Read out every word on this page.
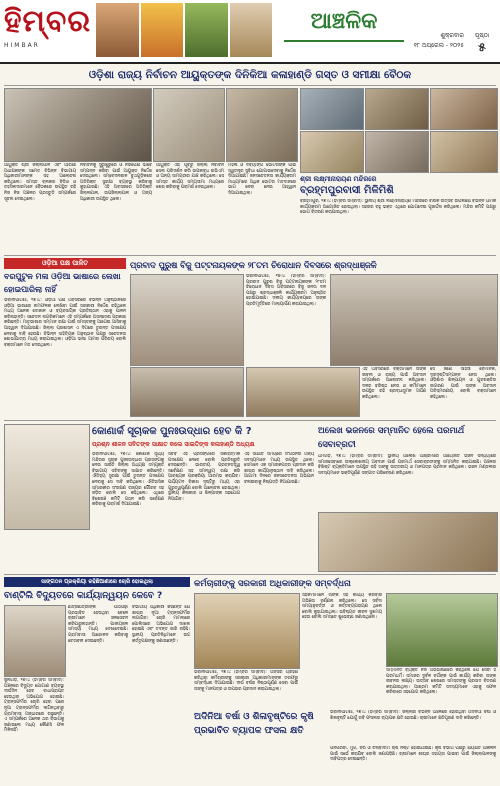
ହିମ୍ବର
HIMBAR
ଆଞ୍ଚଳିକ
ଶୁକ୍ରବାର
୧୮ ଅପ୍ରେଲ - ୨୦୨୫
ପୃଷ୍ଠା
୫
ଓଡ଼ିଶା ରାଜ୍ୟ ନିର୍ବାଚନ ଆୟୁକ୍ତଙ୍କ ଦିନିକିଆ କଳାହାଣ୍ଡି ଗସ୍ତ ଓ ସମୀକ୍ଷା ବୈଠକ
ଆୟୁକ୍ତ ଶ୍ରୀ ଜିଲ୍ଲାପାଳ ଏବଂ ଆରକ୍ଷୀ ଅଧୀକ୍ଷକଙ୍କ ସମେତ ବିଭିନ୍ନ ବିଭାଗୀୟ ଅଧିକାରୀମାନଙ୍କ ସହ ଆଲୋଚନା କରିଥିଲେ। ସମସ୍ତ ବ୍ଲକର ବିଡିଓ ଓ ତହସିଲଦାରମାନେ ବୈଠକରେ ଉପସ୍ଥିତ ରହି ନିଜ ନିଜ ଅଞ୍ଚଳର ପ୍ରସ୍ତୁତି ସମ୍ପର୍କରେ ସୂଚନା ଦେଇଥିଲେ।
ନିର୍ବାଚନକୁ ସୁରୁଖୁରୁରେ ଓ ନିରପେକ୍ଷ ଭାବେ ସମ୍ପନ୍ନ କରିବା ପାଇଁ ଆୟୁକ୍ତ ନିର୍ଦ୍ଦେଶ ଦେଇଥିଲେ। ସମ୍ବେଦନଶୀଳ ବୁଥଗୁଡ଼ିକରେ ଅତିରିକ୍ତ ସୁରକ୍ଷା ବ୍ୟବସ୍ଥା କରିବାକୁ କୁହାଯାଇଛି। ଏହି ଅବସରରେ ଅତିରିକ୍ତ ଜିଲ୍ଲାପାଳ, ଉପଜିଲ୍ଲାପାଳ ଓ ଅନ୍ୟ ଅଧିକାରୀ ଉପସ୍ଥିତ ଥିଲେ।
ଆୟୁକ୍ତ ଏହା ପୂର୍ବରୁ ଜିଲ୍ଲା ନିର୍ବାଚନ ସେଲ ପରିଦର୍ଶନ କରି ଉପଲବ୍ଧ ଇଭିଏମ ଓ ଅନ୍ୟ ସାମଗ୍ରୀର ଯାଞ୍ଚ କରିଥିଲେ। ସେ ସମସ୍ତ କାର୍ଯ୍ୟ ସମୟସୀମା ମଧ୍ୟରେ ଶେଷ କରିବାକୁ ପରାମର୍ଶ ଦେଇଥିଲେ।
ମହିଳା ଓ ଦିବ୍ୟାଙ୍ଗ ଭୋଟରଙ୍କ ପାଇଁ ସ୍ୱତନ୍ତ୍ର ସୁବିଧା ଯୋଗାଇଦେବାକୁ ନିର୍ଦ୍ଦେଶ ଦିଆଯାଇଛି। ଜନସଚେତନତା କାର୍ଯ୍ୟକ୍ରମ ମାଧ୍ୟମରେ ଅଧିକ ଭୋଟର ମତଦାନରେ ଭାଗ ନେବା ନେଇ ଆହ୍ୱାନ ଦିଆଯାଇଥିଲା।
ଶ୍ରୀ ଲକ୍ଷ୍ମୀନାରାୟଣ ମନ୍ଦିରରେ
ବ୍ରହ୍ମପୁରବାସୀ ମିଳିମିଶି
ବ୍ରହ୍ମପୁର, ୧୭।୪ (ହିମ୍ବର ସମ୍ବାଦ): ସ୍ଥାନୀୟ ଶ୍ରୀ ଲକ୍ଷ୍ମୀନାରାୟଣ ମନ୍ଦିରରେ ବାର୍ଷିକ ଉତ୍ସବ ଉପଲକ୍ଷେ ବିଭିନ୍ନ ଧାର୍ମିକ କାର୍ଯ୍ୟକ୍ରମ ଆୟୋଜିତ ହୋଇଥିଲା। ସହରର ବହୁ ଭକ୍ତ ଏଥିରେ ଯୋଗଦେଇ ପୂଜାର୍ଚ୍ଚନା କରିଥିଲେ। ମନ୍ଦିର କମିଟି ପକ୍ଷରୁ ଭୋଗ ବିତରଣ କରାଯାଇଥିଲା।
ଓଡ଼ିଆ ପକ୍ଷ ପାଳିତ
ବରପୁଟୁଳ ମଳା ଓଡ଼ିଆ ଭାଷାରେ ଲେଖା ହୋଇପାରିଲା ନାହିଁ
ଭବାନୀପାଟଣା, ୧୭।୪: ଓଡ଼ିଆ ପକ୍ଷ ଅବସରରେ ବିଭିନ୍ନ ଅନୁଷ୍ଠାନରେ ଓଡ଼ିଆ ଭାଷାରେ ନାମଫଳକ ଲେଖିବା ପାଇଁ ସରକାରୀ ନିର୍ଦ୍ଦେଶ ରହିଥିଲେ ମଧ୍ୟ ଅନେକ ଦୋକାନ ଓ ବ୍ୟବସାୟିକ ପ୍ରତିଷ୍ଠାନ ଏହାକୁ ପାଳନ କରିନାହାନ୍ତି। ସଚେତନ ନାଗରିକମାନେ ଏହି ସମ୍ପର୍କରେ ଅସନ୍ତୋଷ ପ୍ରକାଶ କରିଛନ୍ତି। ମାତୃଭାଷାର ସମ୍ମାନ ରକ୍ଷା ପାଇଁ ସମସ୍ତଙ୍କୁ ଆଗେଇ ଆସିବାକୁ ଆହ୍ୱାନ ଦିଆଯାଇଛି। ଜିଲ୍ଲା ପ୍ରଶାସନ ଏ ଦିଗରେ ତୁରନ୍ତ ପଦକ୍ଷେପ ନେବାକୁ ଦାବି ହେଉଛି। ବିଭିନ୍ନ ସାହିତ୍ୟିକ ଅନୁଷ୍ଠାନ ପକ୍ଷରୁ ସଚେତନତା ଶୋଭାଯାତ୍ରା ମଧ୍ୟ କରାଯାଇଥିଲା। ଓଡ଼ିଆ ଭାଷା ଆମର ପରିଚୟ ବୋଲି ବକ୍ତାମାନେ ମତ ଦେଇଥିଲେ।
ପ୍ରବାଦ ପୁରୁଷ ବିଜୁ ପଟ୍ଟନାୟକଙ୍କ ୨୮ତମ ଚିରୋଧାନ ଦିବସରେ ଶ୍ରଦ୍ଧାଞ୍ଜଳି
ଭବାନୀପାଟଣା, ୧୭।୪ (ହିମ୍ବର ସମ୍ବାଦ): ପ୍ରବାଦ ପୁରୁଷ ବିଜୁ ପଟ୍ଟନାୟକଙ୍କ ୨୮ତମ ଚିରୋଧାନ ଦିବସ ଅବସରରେ ବିଜୁ ଜନତା ଦଳ ପକ୍ଷରୁ ଶ୍ରଦ୍ଧାଞ୍ଜଳି କାର୍ଯ୍ୟକ୍ରମ ଅନୁଷ୍ଠିତ ହୋଇଯାଇଛି। ଦଳୀୟ କାର୍ଯ୍ୟାଳୟରେ ତାଙ୍କ ପ୍ରତିମୂର୍ତ୍ତିରେ ମାଲ୍ୟାର୍ପଣ କରାଯାଇଥିଲା।
ଏହି ଅବସରରେ ବକ୍ତାମାନେ ତାଙ୍କ ଜୀବନୀ ଓ ରାଜ୍ୟ ପାଇଁ ଅବଦାନ ସମ୍ପର୍କରେ ଆଲୋଚନା କରିଥିଲେ। ଦଳର ବରିଷ୍ଠ ନେତା ଓ କର୍ମୀମାନେ ଉପସ୍ଥିତ ରହି ଶ୍ରଦ୍ଧାସୁମନ ଅର୍ପଣ କରିଥିଲେ।
ସେ ଜଣେ ସାହସୀ ବୈମାନିକ, ଦୂରଦୃଷ୍ଟିସମ୍ପନ୍ନ ନେତା ଥିଲେ। ଓଡ଼ିଶାର ଶିଳ୍ପାୟନ ଓ ଯୁବଶକ୍ତିର ଜାଗରଣ ପାଇଁ ତାଙ୍କ ଅବଦାନ ଅବିସ୍ମରଣୀୟ ବୋଲି ବକ୍ତାମାନେ କହିଥିଲେ।
କୋଣାର୍କ ସୂଚାକକ ପୁନଃଉଦ୍ଧାର ହେବ କି ?
ପ୍ରଶ୍ନ ଶୀଳନ ସବିତଙ୍କ ସାକ୍ଷାତ କଲେ ସାଇତିଙ୍କ କଳାହାଣ୍ଡି ଅଧ୍ୟକ୍ଷ
ଭବାନୀପାଟଣା, ୧୭।୪: କୋଣାର୍କ ସୂର୍ଯ୍ୟ ମନ୍ଦିରର ସୂଚାକ ପୁନଃଉଦ୍ଧାର ପ୍ରସଙ୍ଗକୁ ନେଇ ସାଇତି ଜିଲ୍ଲା ଅଧ୍ୟକ୍ଷ ସମ୍ପୃକ୍ତ ବିଭାଗୀୟ ସଚିବଙ୍କୁ ସାକ୍ଷାତ କରିଛନ୍ତି। ଐତିହ୍ୟ ସୁରକ୍ଷା ପାଇଁ ତୁରନ୍ତ ପଦକ୍ଷେପ ନେବାକୁ ସେ ଦାବି କରିଥିଲେ। ଐତିହାସିକ ସ୍ମାରକୀର ସଂରକ୍ଷଣ ରାଜ୍ୟର ଗୌରବ ସହ ଜଡ଼ିତ ବୋଲି ସେ କହିଥିଲେ। ଏଥିରେ ବିଶେଷଜ୍ଞ କମିଟି ଗଠନ କରି ସର୍ବେକ୍ଷଣ କରିବାକୁ ପରାମର୍ଶ ଦିଆଯାଇଛି।
ସଚିବ ଏହି ପ୍ରସଙ୍ଗରେ ସକାରାତ୍ମକ ପଦକ୍ଷେପ ନେବେ ବୋଲି ପ୍ରତିଶ୍ରୁତି ଦେଇଛନ୍ତି। ଭାରତୀୟ ପ୍ରତ୍ନତତ୍ତ୍ୱ ସର୍ବେକ୍ଷଣ ସହ ସମନ୍ୱୟ ରକ୍ଷା କରି ଆବଶ୍ୟକ ପ୍ରକ୍ରିୟା ଆରମ୍ଭ କରାଯିବ। ପର୍ଯ୍ୟଟନ ବିକାଶ ଦୃଷ୍ଟିରୁ ମଧ୍ୟ ଏହା ଗୁରୁତ୍ୱପୂର୍ଣ୍ଣ ବୋଲି ଆଲୋଚନା ହୋଇଥିଲା। ସ୍ଥାନୀୟ କଳାକାର ଓ ଶିଳ୍ପୀଙ୍କ ସହଯୋଗ ନିଆଯିବ।
ଏହି ସାକ୍ଷାତ ସମୟରେ ସଂଗଠନର ଅନ୍ୟ ସଦସ୍ୟମାନେ ମଧ୍ୟ ଉପସ୍ଥିତ ଥିଲେ। ସେମାନେ ଏକ ସ୍ମାରକପତ୍ର ପ୍ରଦାନ କରି ଶୀଘ୍ର କାର୍ଯ୍ୟାନୁଷ୍ଠାନ ଦାବି କରିଥିଲେ। ଆଗାମୀ ଦିନରେ ଜନସଚେତନତା ଅଭିଯାନ ଚଳାଇବାକୁ ନିଷ୍ପତ୍ତି ନିଆଯାଇଛି।
ଅଲେଖ ଭଜନରେ ସମ୍ମାନିତ ହେଲେ ପରମାର୍ଥ ସେବାବ୍ରତୀ
ଧର୍ମଗଡ଼, ୧୭।୪ (ହିମ୍ବର ସମ୍ବାଦ): ସ୍ଥାନୀୟ ଅଲେଖ ଆଶ୍ରମରେ ଆୟୋଜିତ ଭଜନ ସନ୍ଧ୍ୟାରେ ସମାଜସେବାରେ ଉଲ୍ଲେଖନୀୟ ଅବଦାନ ପାଇଁ ପରମାର୍ଥ ସେବାବ୍ରତୀଙ୍କୁ ସମ୍ମାନିତ କରାଯାଇଛି। ଅଞ୍ଚଳର ବିଶିଷ୍ଟ ବ୍ୟକ୍ତିମାନେ ଉପସ୍ଥିତ ରହି ତାଙ୍କୁ ଉତ୍ତରୀୟ ଓ ମାନପତ୍ର ପ୍ରଦାନ କରିଥିଲେ। ଭଜନ ମଣ୍ଡଳୀର ସଦସ୍ୟମାନେ ଭକ୍ତିପୂର୍ଣ୍ଣ ସଙ୍ଗୀତ ପରିବେଷଣ କରିଥିଲେ।
ସାଙ୍ଗଠନ ପ୍ରକ୍ରିୟା ରହିଛିଆଣାରେ ଚୋରି ହୋଇଥିଲା
ବାଣ୍ଟିଲି ବିଦ୍ୟୁତରେ କାର୍ଯ୍ୟାନ୍ୱୟନ କେବେ ?
ଜୁନାଗଡ଼, ୧୭।୪ (ହିମ୍ବର ସମ୍ବାଦ): ଅଞ୍ଚଳରେ ବିଦ୍ୟୁତ ଯୋଗାଣ ବ୍ୟବସ୍ଥା ଦୀର୍ଘଦିନ ହେବ ବାଧାପ୍ରାପ୍ତ ହେଉଥିବା ଅଭିଯୋଗ ହୋଇଛି। ଟ୍ରାନ୍ସଫର୍ମର ଚୋରି ହେବା ପରେ ନୂଆ ଟ୍ରାନ୍ସଫର୍ମର ଲାଗିନଥିବାରୁ ଗ୍ରାମବାସୀ ଅନ୍ଧାରରେ ରହୁଛନ୍ତି। ଏ ସମ୍ପର୍କରେ ଅନେକ ଥର ବିଭାଗକୁ ଜଣାଇଲେ ମଧ୍ୟ କୌଣସି ଫଳ ମିଳିନାହିଁ।
ଛାତ୍ରଛାତ୍ରୀଙ୍କ ପାଠପଢ଼ା ପ୍ରଭାବିତ ହେଉଥିବା ବେଳେ ଚାଷୀମାନେ ଜଳସେଚନ କରିପାରୁନାହାନ୍ତି। ପାନୀୟଜଳ ସମସ୍ୟା ମଧ୍ୟ ଦେଖାଦେଇଛି। ଗ୍ରାମବାସୀ ଆନ୍ଦୋଳନ କରିବାକୁ ଚେତାବନୀ ଦେଇଛନ୍ତି।
ବିଭାଗୀୟ ଅଧିକାରୀ କହିଛନ୍ତି ଯେ ଶୀଘ୍ର ନୂଆ ଟ୍ରାନ୍ସଫର୍ମର ଲଗାଯିବ। ଚୋରି ମାମଲାରେ ପୋଲିସରେ ଅଭିଯୋଗ ଦାଖଲ ହୋଇଛି ଏବଂ ତଦନ୍ତ ଜାରି ରହିଛି। ସ୍ଥାନୀୟ ପ୍ରତିନିଧିମାନେ ଉଚ୍ଚ କର୍ତ୍ତୃପକ୍ଷଙ୍କୁ ଜଣାଇଛନ୍ତି।
କର୍ମଚାରୀଙ୍କୁ ସରକାରୀ ଅଧିକାରୀଙ୍କ ସମ୍ବର୍ଦ୍ଧନା
ଭବାନୀପାଟଣା, ୧୭।୪ (ହିମ୍ବର ସମ୍ବାଦ): ଅବସର ଗ୍ରହଣ କରିଥିବା କର୍ମଚାରୀଙ୍କୁ ସରକାରୀ ଅଧିକାରୀମାନଙ୍କ ତରଫରୁ ସମ୍ବର୍ଦ୍ଧନା ଦିଆଯାଇଛି। ଦୀର୍ଘ ବର୍ଷର ନିଷ୍ଠାପୂର୍ଣ୍ଣ ସେବା ପାଇଁ ତାଙ୍କୁ ମାନପତ୍ର ଓ ଉପହାର ପ୍ରଦାନ କରାଯାଇଥିଲା।
ସହକର୍ମୀମାନେ ତାଙ୍କ ସହ କାର୍ଯ୍ୟ କରିବାର ଅଭିଜ୍ଞତା ବର୍ଣ୍ଣନା କରିଥିଲେ। ସେ ସର୍ବଦା ସମୟାନୁବର୍ତ୍ତୀ ଓ କର୍ତ୍ତବ୍ୟପରାୟଣ ଥିଲେ ବୋଲି କୁହାଯାଇଥିଲା। ଭବିଷ୍ୟତ ଜୀବନ ସୁଖମୟ ହେଉ ବୋଲି ସମସ୍ତେ ଶୁଭେଚ୍ଛା ଜଣାଇଥିଲେ।
ଅଦିନିଆ ବର୍ଷା ଓ ଶିଳାବୃଷ୍ଟିରେ କୃଷି ପ୍ରଭାବିତ ବ୍ୟାପକ ଫସଲ କ୍ଷତି
ଭବାନୀପାଟଣା, ୧୭।୪ (ହିମ୍ବର ସମ୍ବାଦ): ଜିଲ୍ଲାର ବିଭିନ୍ନ ଅଞ୍ଚଳରେ ହୋଇଥିବା ଅଦିନିଆ ବର୍ଷା ଓ ଶିଳାବୃଷ୍ଟି ଯୋଗୁଁ ରବି ଫସଲର ବ୍ୟାପକ କ୍ଷତି ହୋଇଛି। ଚାଷୀମାନେ କ୍ଷତିପୂରଣ ଦାବି କରିଛନ୍ତି।
ପନିପରିବା, ମୁଗ, ବିରି ଓ ଚିନାବାଦାମ ଚାଷ ନଷ୍ଟ ହୋଇଯାଇଛି। କୃଷି ବିଭାଗ ପକ୍ଷରୁ କ୍ଷୟକ୍ଷତି ଆକଳନ ପାଇଁ ସର୍ଭେ କରାଯିବ ବୋଲି ଜଣାପଡ଼ିଛି। ଚାଷୀମାନେ ଶୀଘ୍ର ସହାୟତା ପାଇବା ପାଇଁ ଜିଲ୍ଲାପାଳଙ୍କୁ ଦାବିପତ୍ର ଦେଇଛନ୍ତି।
ସମ୍ମାନିତ ବ୍ୟକ୍ତି ନିଜ ଅଭିଭାଷଣରେ କହିଥିଲେ ଯେ ସେବା ହିଁ ପରମଧର୍ମ। ସମାଜର ଦୁର୍ବଳ ବର୍ଗଙ୍କ ପାଇଁ କାର୍ଯ୍ୟ କରିବା ତାଙ୍କ ଜୀବନର ଲକ୍ଷ୍ୟ। ଉତ୍ସବ ଶେଷରେ ସମସ୍ତଙ୍କୁ ପ୍ରସାଦ ବିତରଣ କରାଯାଇଥିଲା। ଆଶ୍ରମ କମିଟି ସଦସ୍ୟମାନେ ଏହାକୁ ସଫଳ କରିବାରେ ସହଯୋଗ କରିଥିଲେ।
